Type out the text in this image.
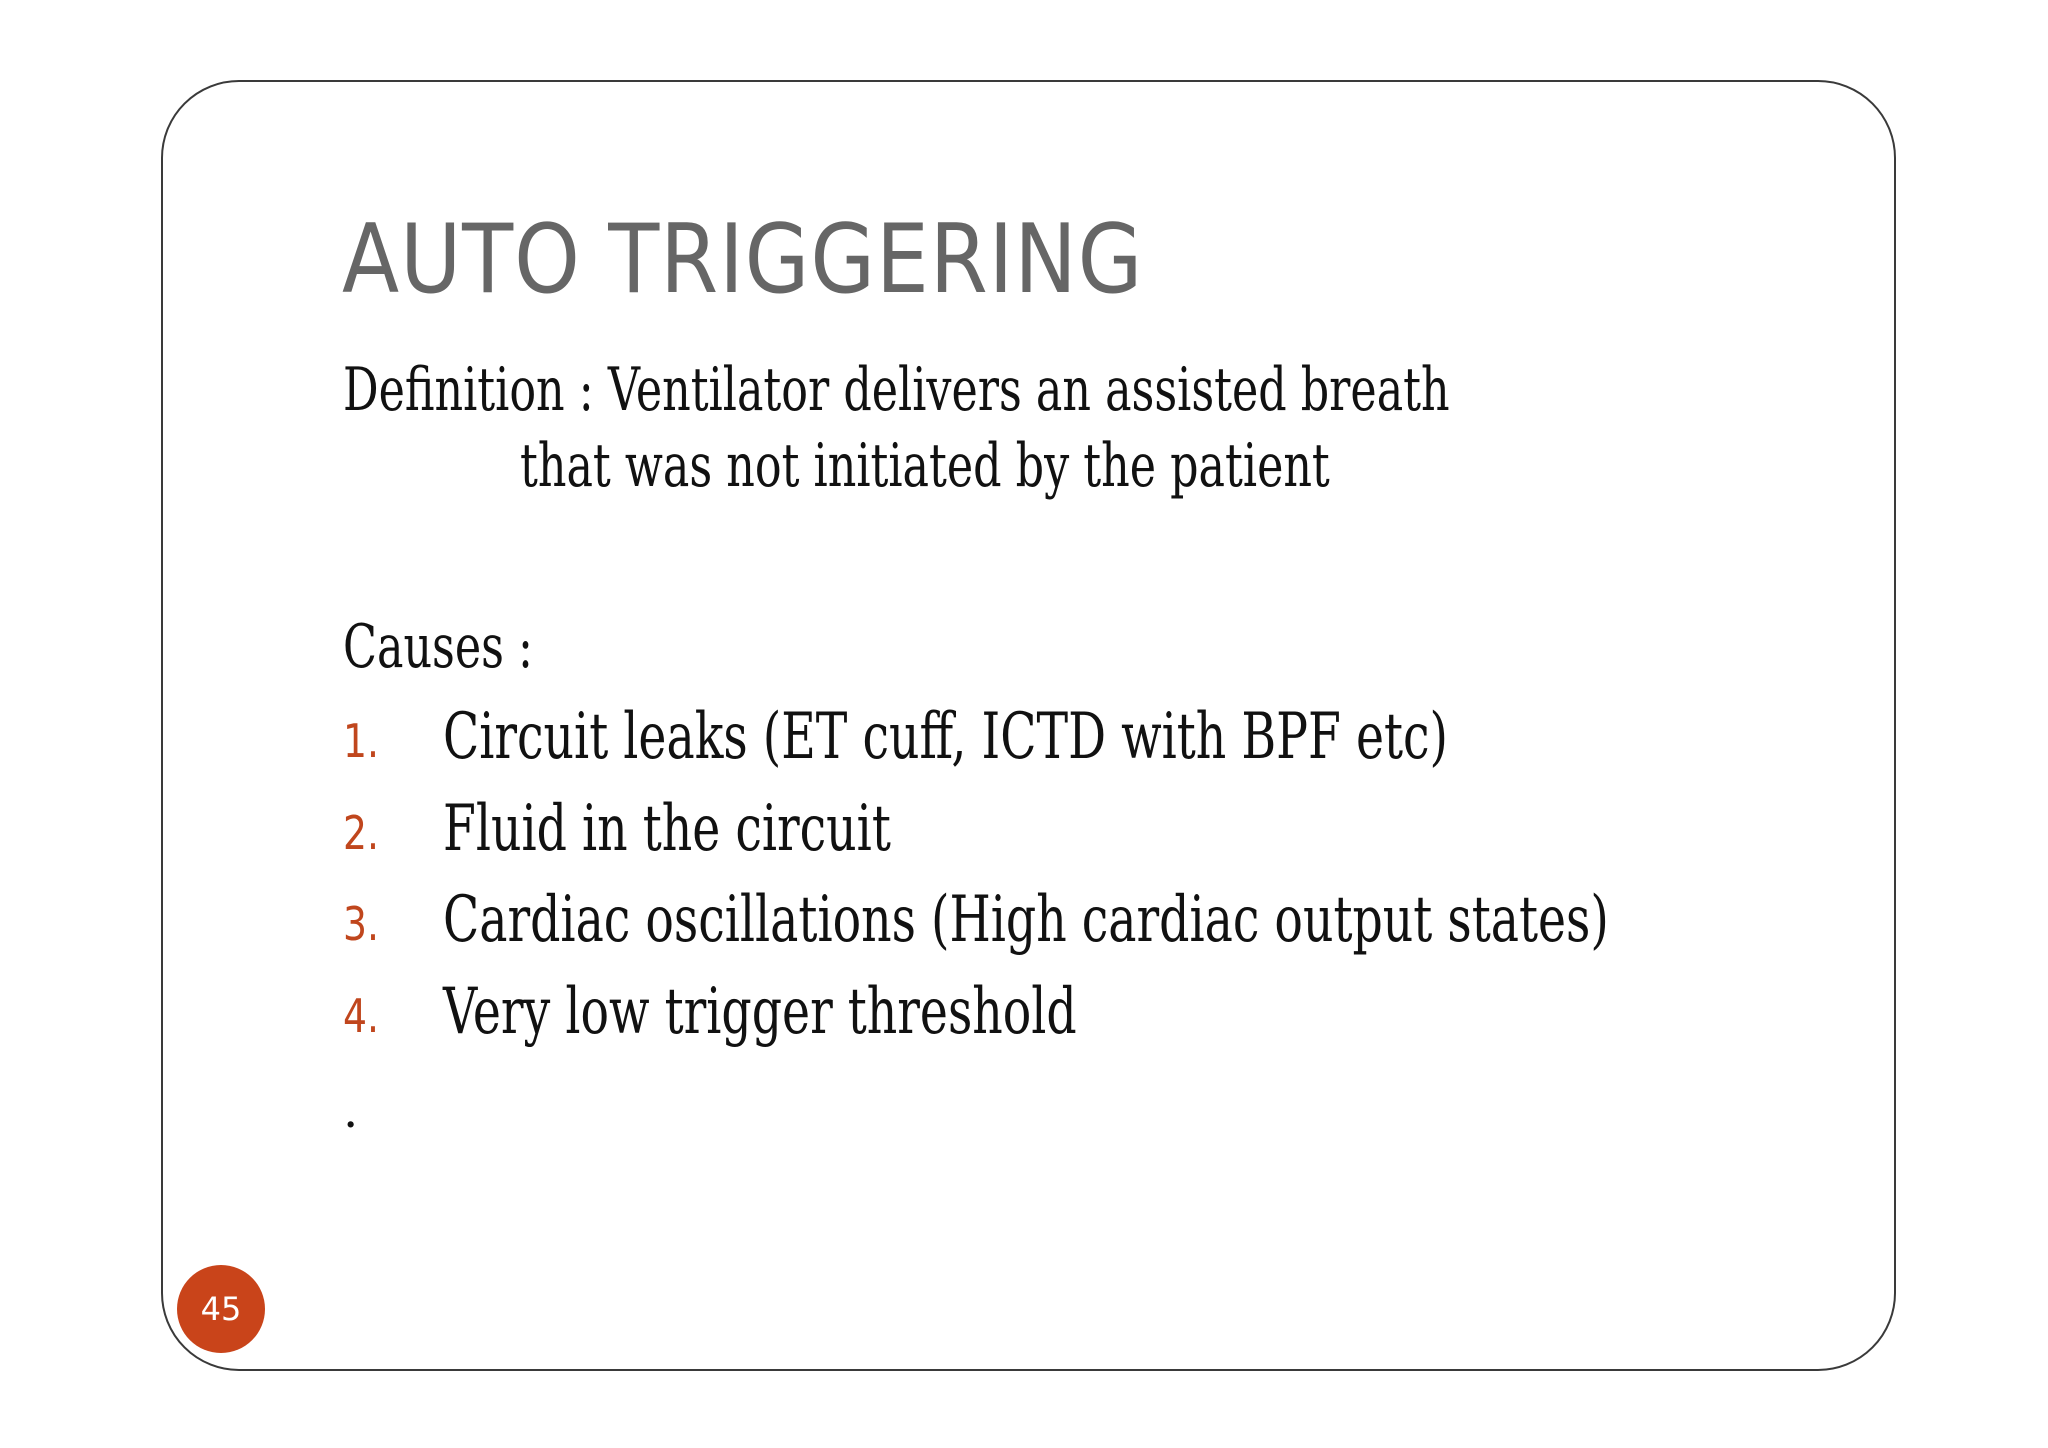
AUTO TRIGGERING
Definition : Ventilator delivers an assisted breath
that was not initiated by the patient
Causes :
1. Circuit leaks (ET cuff, ICTD with BPF etc)
2. Fluid in the circuit
3. Cardiac oscillations (High cardiac output states)
4. Very low trigger threshold
.
45
